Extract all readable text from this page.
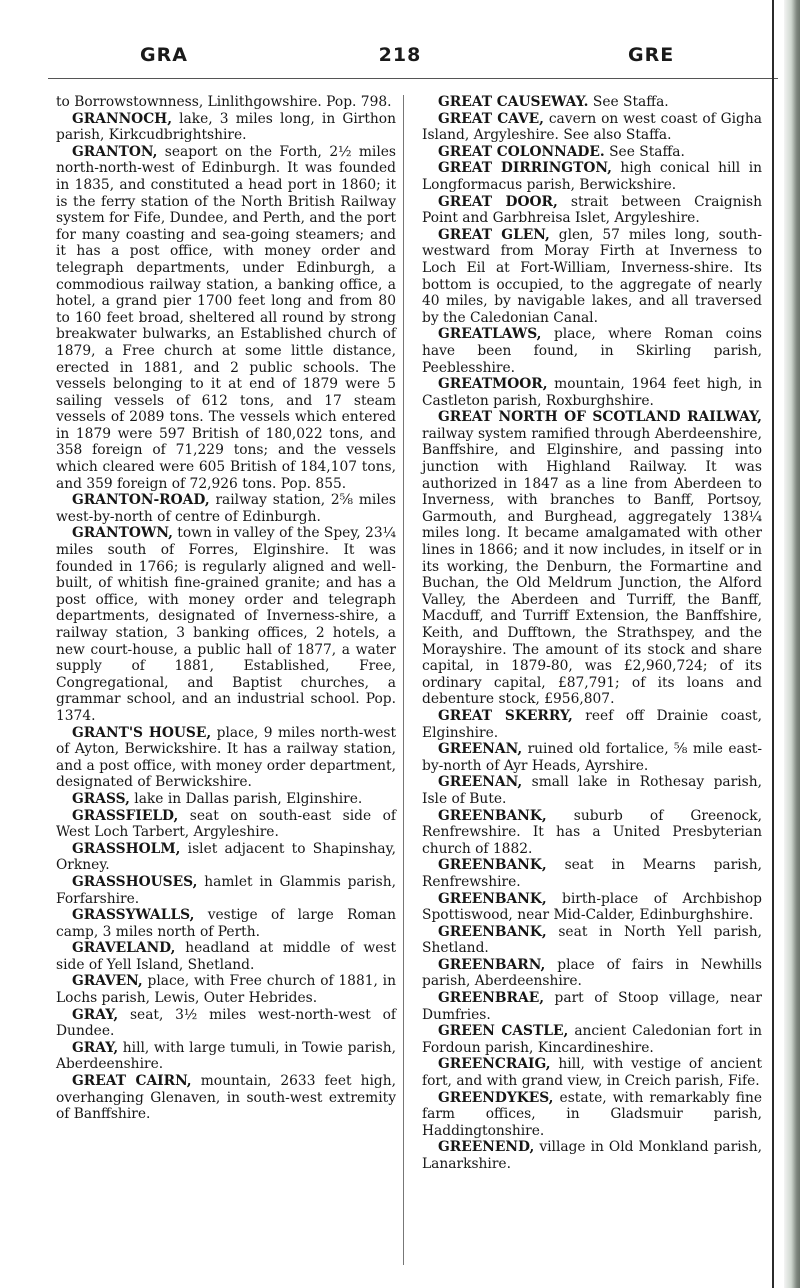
GRA	218	GRE

to Borrowstownness, Linlithgowshire. Pop. 798.

GRANNOCH, lake, 3 miles long, in Girthon parish, Kirkcudbrightshire.

GRANTON, seaport on the Forth, 2½ miles north-north-west of Edinburgh. It was founded in 1835, and constituted a head port in 1860; it is the ferry station of the North British Railway system for Fife, Dundee, and Perth, and the port for many coasting and sea-going steamers; and it has a post office, with money order and telegraph departments, under Edinburgh, a commodious railway station, a banking office, a hotel, a grand pier 1700 feet long and from 80 to 160 feet broad, sheltered all round by strong breakwater bulwarks, an Established church of 1879, a Free church at some little distance, erected in 1881, and 2 public schools. The vessels belonging to it at end of 1879 were 5 sailing vessels of 612 tons, and 17 steam vessels of 2089 tons. The vessels which entered in 1879 were 597 British of 180,022 tons, and 358 foreign of 71,229 tons; and the vessels which cleared were 605 British of 184,107 tons, and 359 foreign of 72,926 tons. Pop. 855.

GRANTON-ROAD, railway station, 2⅝ miles west-by-north of centre of Edinburgh.

GRANTOWN, town in valley of the Spey, 23¼ miles south of Forres, Elginshire. It was founded in 1766; is regularly aligned and well-built, of whitish fine-grained granite; and has a post office, with money order and telegraph departments, designated of Inverness-shire, a railway station, 3 banking offices, 2 hotels, a new court-house, a public hall of 1877, a water supply of 1881, Established, Free, Congregational, and Baptist churches, a grammar school, and an industrial school. Pop. 1374.

GRANT'S HOUSE, place, 9 miles north-west of Ayton, Berwickshire. It has a railway station, and a post office, with money order department, designated of Berwickshire.

GRASS, lake in Dallas parish, Elginshire.

GRASSFIELD, seat on south-east side of West Loch Tarbert, Argyleshire.

GRASSHOLM, islet adjacent to Shapinshay, Orkney.

GRASSHOUSES, hamlet in Glammis parish, Forfarshire.

GRASSYWALLS, vestige of large Roman camp, 3 miles north of Perth.

GRAVELAND, headland at middle of west side of Yell Island, Shetland.

GRAVEN, place, with Free church of 1881, in Lochs parish, Lewis, Outer Hebrides.

GRAY, seat, 3½ miles west-north-west of Dundee.

GRAY, hill, with large tumuli, in Towie parish, Aberdeenshire.

GREAT CAIRN, mountain, 2633 feet high, overhanging Glenaven, in south-west extremity of Banffshire.

GREAT CAUSEWAY. See Staffa.

GREAT CAVE, cavern on west coast of Gigha Island, Argyleshire. See also Staffa.

GREAT COLONNADE. See Staffa.

GREAT DIRRINGTON, high conical hill in Longformacus parish, Berwickshire.

GREAT DOOR, strait between Craignish Point and Garbhreisa Islet, Argyleshire.

GREAT GLEN, glen, 57 miles long, south-westward from Moray Firth at Inverness to Loch Eil at Fort-William, Inverness-shire. Its bottom is occupied, to the aggregate of nearly 40 miles, by navigable lakes, and all traversed by the Caledonian Canal.

GREATLAWS, place, where Roman coins have been found, in Skirling parish, Peeblesshire.

GREATMOOR, mountain, 1964 feet high, in Castleton parish, Roxburghshire.

GREAT NORTH OF SCOTLAND RAILWAY, railway system ramified through Aberdeenshire, Banffshire, and Elginshire, and passing into junction with Highland Railway. It was authorized in 1847 as a line from Aberdeen to Inverness, with branches to Banff, Portsoy, Garmouth, and Burghead, aggregately 138¼ miles long. It became amalgamated with other lines in 1866; and it now includes, in itself or in its working, the Denburn, the Formartine and Buchan, the Old Meldrum Junction, the Alford Valley, the Aberdeen and Turriff, the Banff, Macduff, and Turriff Extension, the Banffshire, Keith, and Dufftown, the Strathspey, and the Morayshire. The amount of its stock and share capital, in 1879-80, was £2,960,724; of its ordinary capital, £87,791; of its loans and debenture stock, £956,807.

GREAT SKERRY, reef off Drainie coast, Elginshire.

GREENAN, ruined old fortalice, ⅝ mile east-by-north of Ayr Heads, Ayrshire.

GREENAN, small lake in Rothesay parish, Isle of Bute.

GREENBANK, suburb of Greenock, Renfrewshire. It has a United Presbyterian church of 1882.

GREENBANK, seat in Mearns parish, Renfrewshire.

GREENBANK, birth-place of Archbishop Spottiswood, near Mid-Calder, Edinburghshire.

GREENBANK, seat in North Yell parish, Shetland.

GREENBARN, place of fairs in Newhills parish, Aberdeenshire.

GREENBRAE, part of Stoop village, near Dumfries.

GREEN CASTLE, ancient Caledonian fort in Fordoun parish, Kincardineshire.

GREENCRAIG, hill, with vestige of ancient fort, and with grand view, in Creich parish, Fife.

GREENDYKES, estate, with remarkably fine farm offices, in Gladsmuir parish, Haddingtonshire.

GREENEND, village in Old Monkland parish, Lanarkshire.
